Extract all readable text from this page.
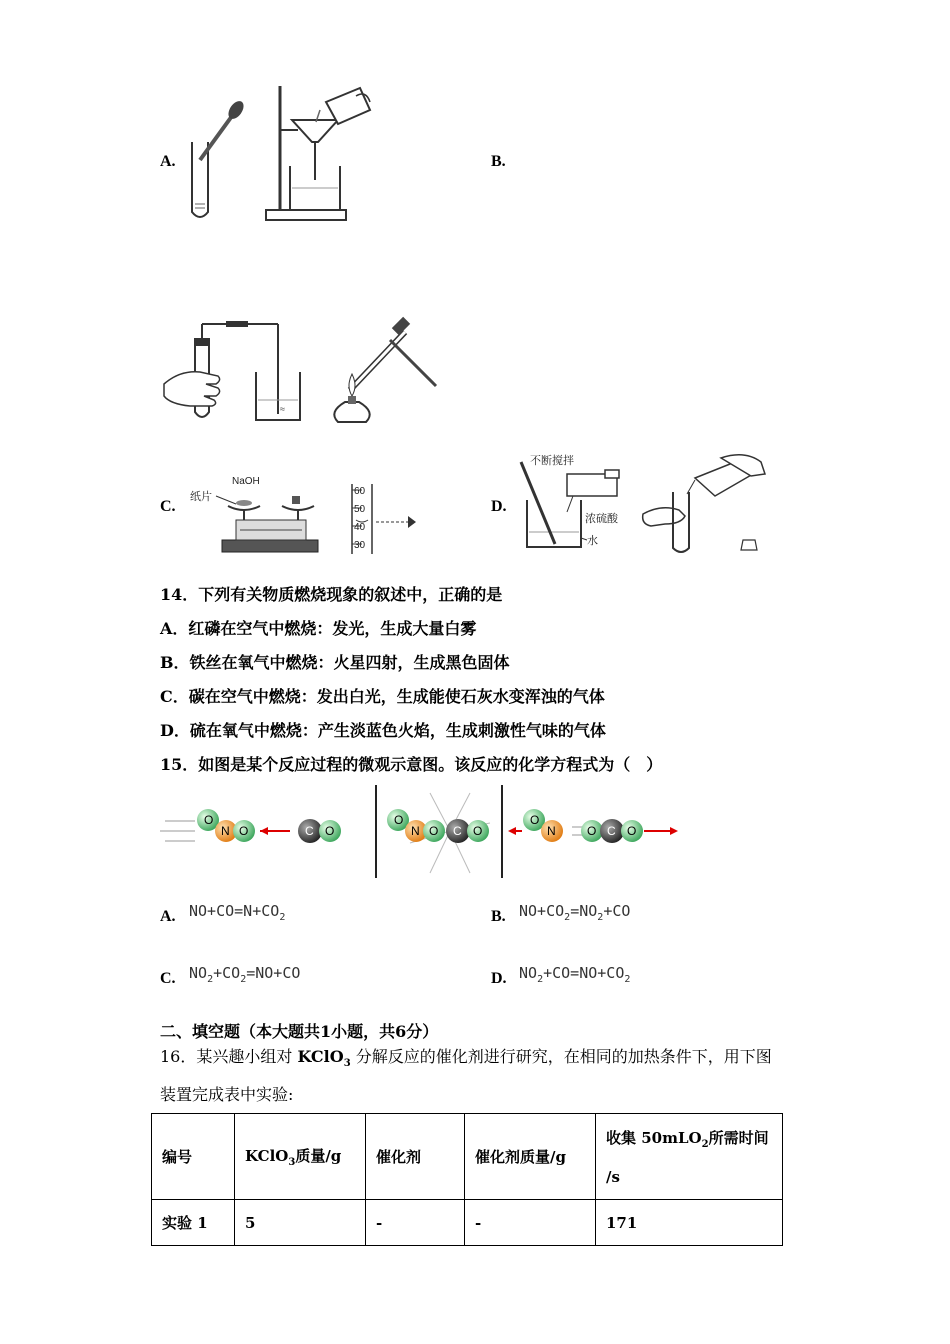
A.	B.
≈
C.	D.
NaOH
纸片	60
50
40
30
不断搅拌
浓硫酸
水
14．下列有关物质燃烧现象的叙述中，正确的是
A．红磷在空气中燃烧：发光，生成大量白雾
B．铁丝在氧气中燃烧：火星四射，生成黑色固体
C．碳在空气中燃烧：发出白光，生成能使石灰水变浑浊的气体
D．硫在氧气中燃烧：产生淡蓝色火焰，生成刺激性气味的气体
15．如图是某个反应过程的微观示意图。该反应的化学方程式为（　）
O
N O	C O
O
N O C O
O
N	O C O
A. $NO+CO=N+CO_2$	B. $NO+CO_2=NO_2+CO$
C. $NO_2+CO_2=NO+CO$	D. $NO_2+CO=NO+CO_2$
二、填空题（本大题共1小题，共6分）
16．某兴趣小组对 KClO$_3$ 分解反应的催化剂进行研究，在相同的加热条件下，用下图
装置完成表中实验:
编号	KClO$_3$质量/g	催化剂	催化剂质量/g	收集 50mLO$_2$所需时间
/s

实验 1	5	-	-	171
